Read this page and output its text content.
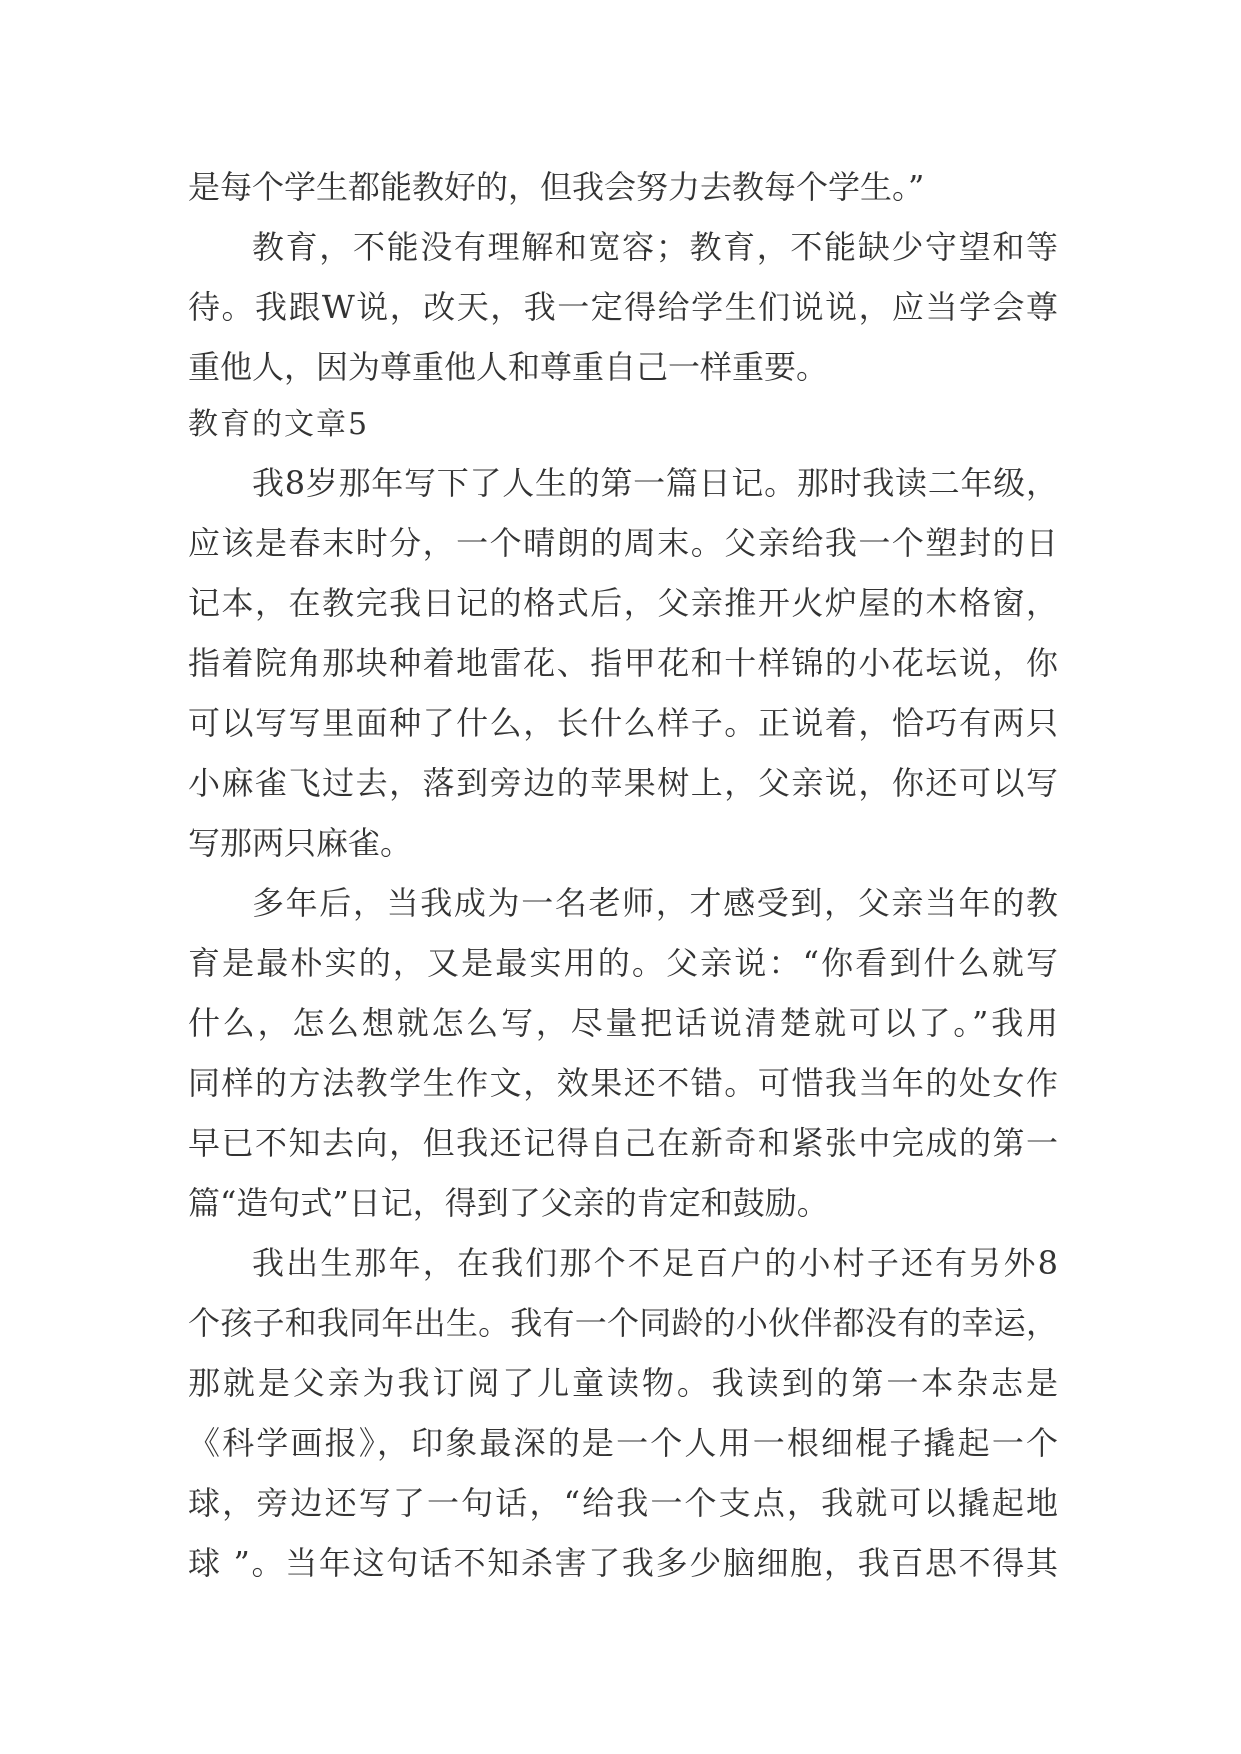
是每个学生都能教好的，但我会努力去教每个学生。”
教育，不能没有理解和宽容；教育，不能缺少守望和等
待。我跟W说，改天，我一定得给学生们说说，应当学会尊
重他人，因为尊重他人和尊重自己一样重要。
教育的文章5
我8岁那年写下了人生的第一篇日记。那时我读二年级，
应该是春末时分，一个晴朗的周末。父亲给我一个塑封的日
记本，在教完我日记的格式后，父亲推开火炉屋的木格窗，
指着院角那块种着地雷花、指甲花和十样锦的小花坛说，你
可以写写里面种了什么，长什么样子。正说着，恰巧有两只
小麻雀飞过去，落到旁边的苹果树上，父亲说，你还可以写
写那两只麻雀。
多年后，当我成为一名老师，才感受到，父亲当年的教
育是最朴实的，又是最实用的。父亲说：“你看到什么就写
什么，怎么想就怎么写，尽量把话说清楚就可以了。”我用
同样的方法教学生作文，效果还不错。可惜我当年的处女作
早已不知去向，但我还记得自己在新奇和紧张中完成的第一
篇“造句式”日记，得到了父亲的肯定和鼓励。
我出生那年，在我们那个不足百户的小村子还有另外8
个孩子和我同年出生。我有一个同龄的小伙伴都没有的幸运，
那就是父亲为我订阅了儿童读物。我读到的第一本杂志是
《科学画报》，印象最深的是一个人用一根细棍子撬起一个
球，旁边还写了一句话，“给我一个支点，我就可以撬起地
球 ”。当年这句话不知杀害了我多少脑细胞，我百思不得其
